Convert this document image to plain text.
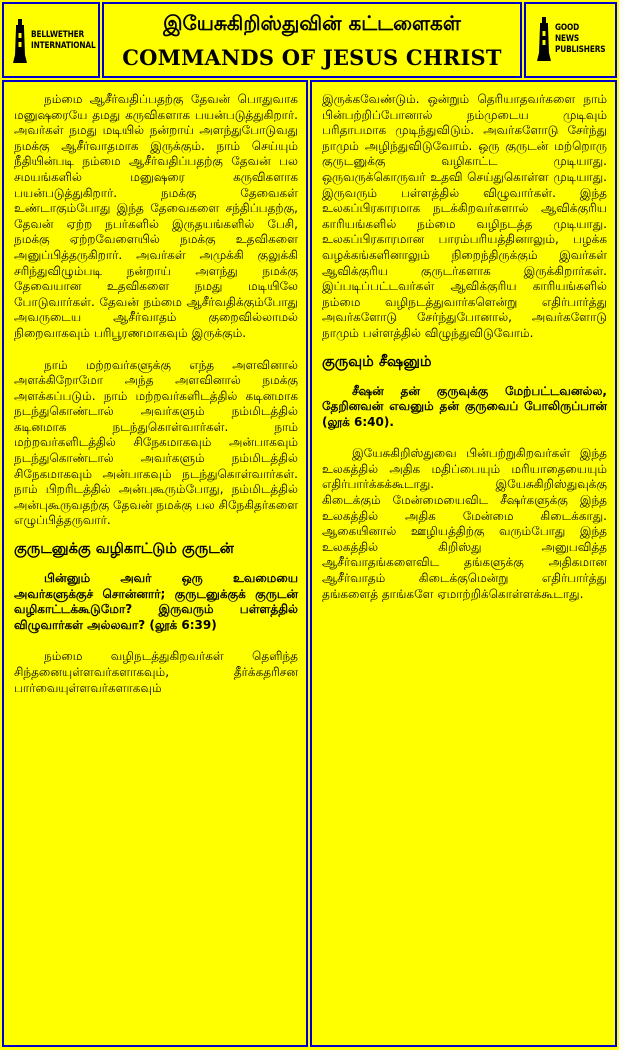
BELLWETHER
INTERNATIONAL
இயேசுகிறிஸ்துவின் கட்டளைகள்
COMMANDS OF JESUS CHRIST
GOOD NEWS
PUBLISHERS

நம்மை ஆசீர்வதிப்பதற்கு தேவன் பொதுவாக மனுஷரையே தமது கருவிகளாக பயன்படுத்துகிறார். அவர்கள் நமது மடியில் நன்றாய் அளந்துபோடுவது நமக்கு ஆசீர்வாதமாக இருக்கும். நாம் செய்யும் நீதியின்படி நம்மை ஆசீர்வதிப்பதற்கு தேவன் பல சமயங்களில் மனுஷரை கருவிகளாக பயன்படுத்துகிறார். நமக்கு தேவைகள் உண்டாகும்போது இந்த தேவைகளை சந்திப்பதற்கு, தேவன் ஏற்ற நபர்களில் இருதயங்களில் பேசி, நமக்கு ஏற்றவேளையில் நமக்கு உதவிகளை அனுப்பித்தருகிறார். அவர்கள் அமுக்கி குலுக்கி சரிந்துவிழும்படி நன்றாய் அளந்து நமக்கு தேவையான உதவிகளை நமது மடியிலே போடுவார்கள். தேவன் நம்மை ஆசீர்வதிக்கும்போது அவருடைய ஆசீர்வாதம் குறைவில்லாமல் நிறைவாகவும் பரிபூரணமாகவும் இருக்கும்.

நாம் மற்றவர்களுக்கு எந்த அளவினால் அளக்கிறோமோ அந்த அளவினால் நமக்கு அளக்கப்படும். நாம் மற்றவர்களிடத்தில் கடினமாக நடந்துகொண்டால் அவர்களும் நம்மிடத்தில் கடினமாக நடந்துகொள்வார்கள். நாம் மற்றவர்களிடத்தில் சிநேகமாகவும் அன்பாகவும் நடந்துகொண்டால் அவர்களும் நம்மிடத்தில் சிநேகமாகவும் அன்பாகவும் நடந்துகொள்வார்கள். நாம் பிறரிடத்தில் அன்புகூரும்போது, நம்மிடத்தில் அன்புகூருவதற்கு தேவன் நமக்கு பல சிநேகிதர்களை எழுப்பித்தருவார்.

குருடனுக்கு வழிகாட்டும் குருடன்

பின்னும் அவர் ஒரு உவமையை அவர்களுக்குச் சொன்னார்; குருடனுக்குக் குருடன் வழிகாட்டக்கூடுமோ? இருவரும் பள்ளத்தில் விழுவார்கள் அல்லவா? (லூக் 6:39)

நம்மை வழிநடத்துகிறவர்கள் தெளிந்த சிந்தனையுள்ளவர்களாகவும், தீர்க்கதரிசன பார்வையுள்ளவர்களாகவும்

இருக்கவேண்டும். ஒன்றும் தெரியாதவர்களை நாம் பின்பற்றிப்போனால் நம்முடைய முடிவும் பரிதாபமாக முடிந்துவிடும். அவர்களோடு சேர்ந்து நாமும் அழிந்துவிடுவோம். ஒரு குருடன் மற்றொரு குருடனுக்கு வழிகாட்ட முடியாது. ஒருவருக்கொருவர் உதவி செய்துகொள்ள முடியாது. இருவரும் பள்ளத்தில் விழுவார்கள். இந்த உலகப்பிரகாரமாக நடக்கிறவர்களால் ஆவிக்குரிய காரியங்களில் நம்மை வழிநடத்த முடியாது. உலகப்பிரகாரமான பாரம்பரியத்தினாலும், பழக்க வழக்கங்களினாலும் நிறைந்திருக்கும் இவர்கள் ஆவிக்குரிய குருடர்களாக இருக்கிறார்கள். இப்படிப்பட்டவர்கள் ஆவிக்குரிய காரியங்களில் நம்மை வழிநடத்துவார்களென்று எதிர்பார்த்து அவர்களோடு சேர்ந்துபோனால், அவர்களோடு நாமும் பள்ளத்தில் விழுந்துவிடுவோம்.

குருவும் சீஷனும்

சீஷன் தன் குருவுக்கு மேற்பட்டவனல்ல, தேறினவன் எவனும் தன் குருவைப் போலிருப்பான் (லூக் 6:40).

இயேசுகிறிஸ்துவை பின்பற்றுகிறவர்கள் இந்த உலகத்தில் அதிக மதிப்பையும் மரியாதையையும் எதிர்பார்க்கக்கூடாது. இயேசுகிறிஸ்துவுக்கு கிடைக்கும் மேன்மையைவிட சீஷர்களுக்கு இந்த உலகத்தில் அதிக மேன்மை கிடைக்காது. ஆகையினால் ஊழியத்திற்கு வரும்போது இந்த உலகத்தில் கிறிஸ்து அனுபவித்த ஆசீர்வாதங்களைவிட தங்களுக்கு அதிகமான ஆசீர்வாதம் கிடைக்குமென்று எதிர்பார்த்து தங்களைத் தாங்களே ஏமாற்றிக்கொள்ளக்கூடாது.
